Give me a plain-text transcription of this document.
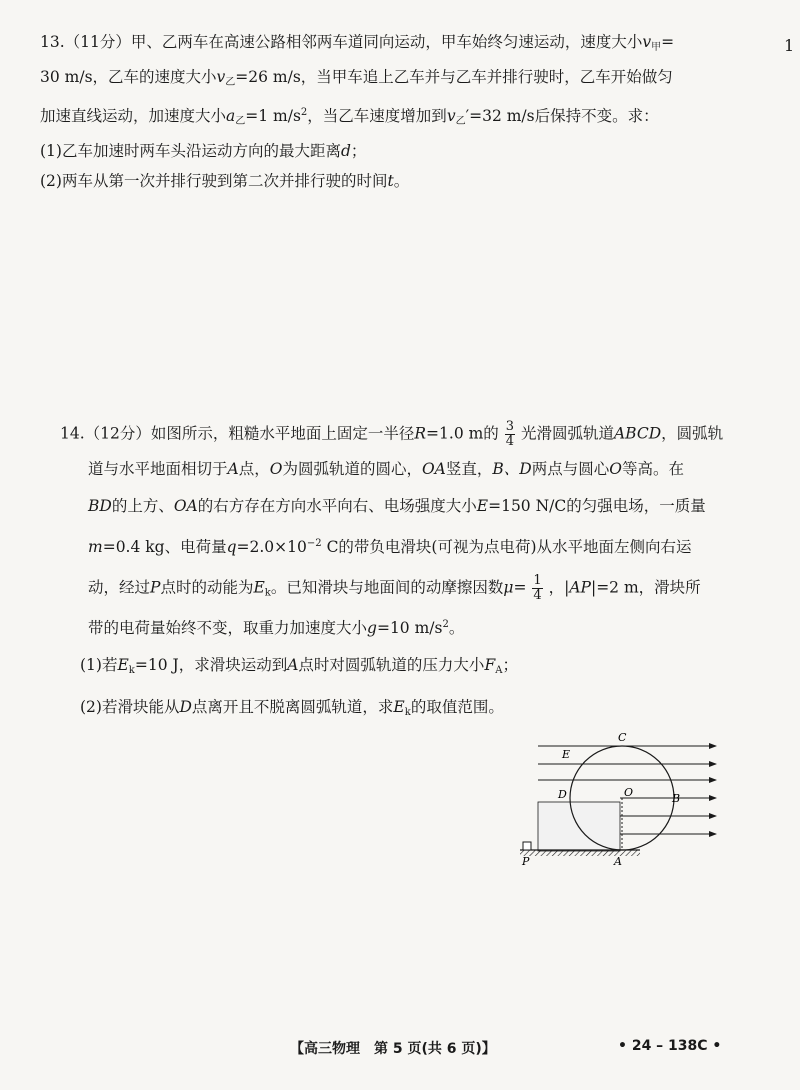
1
13.（11分）甲、乙两车在高速公路相邻两车道同向运动，甲车始终匀速运动，速度大小$v_甲=$
30 m/s，乙车的速度大小$v_乙=26$ m/s，当甲车追上乙车并与乙车并排行驶时，乙车开始做匀
加速直线运动，加速度大小$a_乙=1$ $m/s^2$，当乙车速度增加到$v_乙'=32$ m/s后保持不变。求：
(1)乙车加速时两车头沿运动方向的最大距离d；
(2)两车从第一次并排行驶到第二次并排行驶的时间t。
14.（12分）如图所示，粗糙水平地面上固定一半径R=1.0 m的 $\frac{3}{4}$ 光滑圆弧轨道ABCD，圆弧轨
道与水平地面相切于A点，O为圆弧轨道的圆心，OA竖直，B、D两点与圆心O等高。在
BD的上方、OA的右方存在方向水平向右、电场强度大小E=150 N/C的匀强电场，一质量
m=0.4 kg、电荷量$q=2.0\times 10^{-2}$ C的带负电滑块(可视为点电荷)从水平地面左侧向右运
动，经过P点时的动能为$E_k$。已知滑块与地面间的动摩擦因数$\mu= \frac{1}{4}$ ，|AP|=2 m，滑块所
带的电荷量始终不变，取重力加速度大小g=10 $m/s^2$。
(1)若$E_k=10$ J，求滑块运动到A点时对圆弧轨道的压力大小$F_A$；
(2)若滑块能从D点离开且不脱离圆弧轨道，求$E_k$的取值范围。
C
E
D	O	B
P	A
【高三物理　第 5 页(共 6 页)】	• 24 – 138C •
